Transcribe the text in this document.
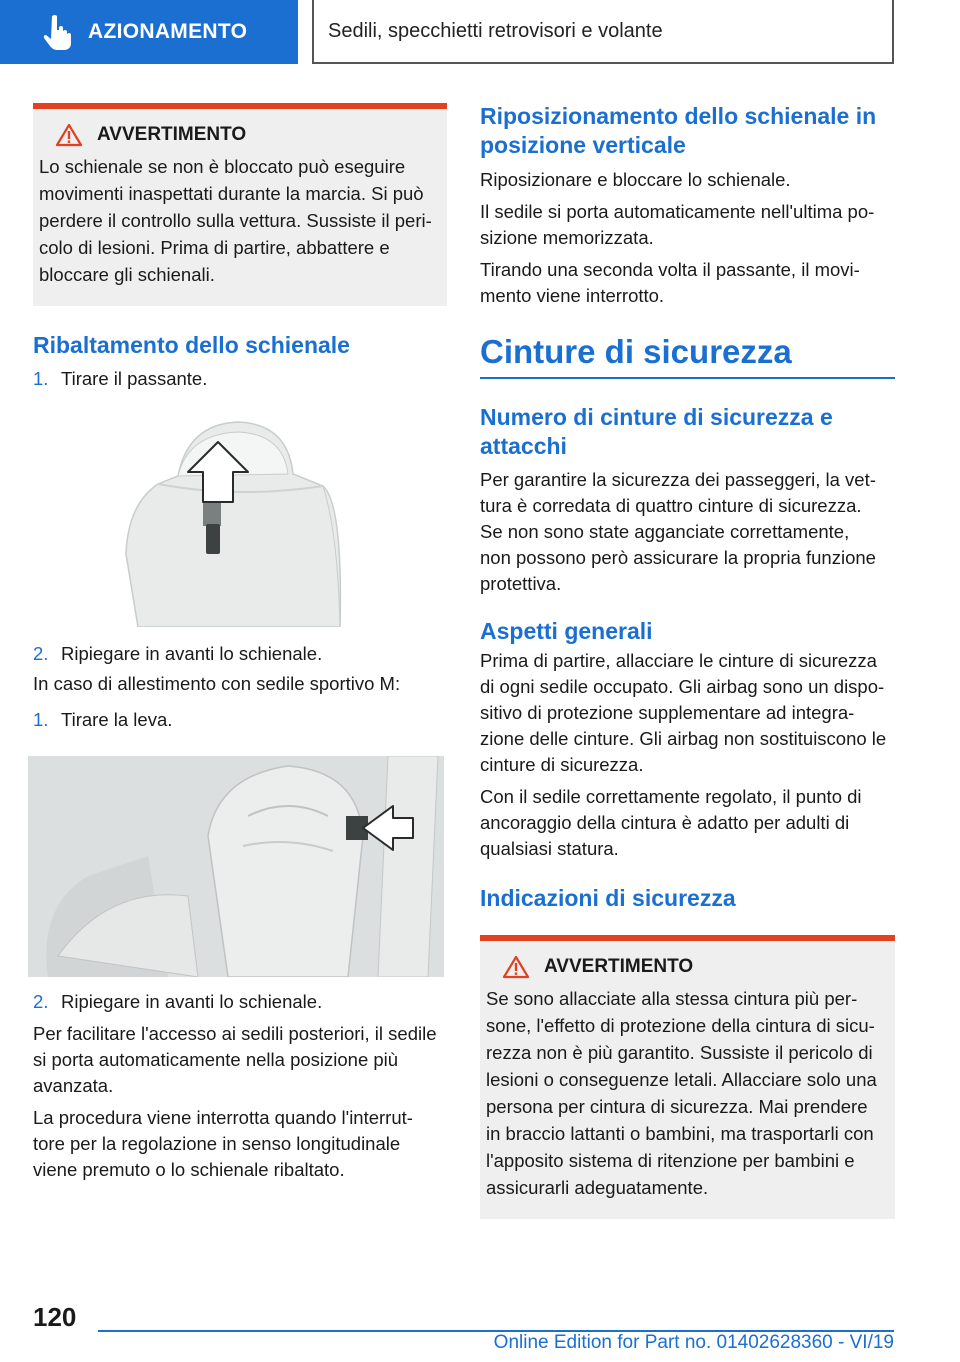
AZIONAMENTO	Sedili, specchietti retrovisori e volante
AVVERTIMENTO

Lo schienale se non è bloccato può eseguire
movimenti inaspettati durante la marcia. Si può
perdere il controllo sulla vettura. Sussiste il peri-
colo di lesioni. Prima di partire, abbattere e
bloccare gli schienali.

Ribaltamento dello schienale
1. Tirare il passante.
2. Ripiegare in avanti lo schienale.

In caso di allestimento con sedile sportivo M:

1. Tirare la leva.
2. Ripiegare in avanti lo schienale.

Per facilitare l'accesso ai sedili posteriori, il sedile
si porta automaticamente nella posizione più
avanzata.

La procedura viene interrotta quando l'interrut-
tore per la regolazione in senso longitudinale
viene premuto o lo schienale ribaltato.

Riposizionamento dello schienale in
posizione verticale

Riposizionare e bloccare lo schienale.

Il sedile si porta automaticamente nell'ultima po-
sizione memorizzata.

Tirando una seconda volta il passante, il movi-
mento viene interrotto.

Cinture di sicurezza
Numero di cinture di sicurezza e
attacchi

Per garantire la sicurezza dei passeggeri, la vet-
tura è corredata di quattro cinture di sicurezza.
Se non sono state agganciate correttamente,
non possono però assicurare la propria funzione
protettiva.

Aspetti generali

Prima di partire, allacciare le cinture di sicurezza
di ogni sedile occupato. Gli airbag sono un dispo-
sitivo di protezione supplementare ad integra-
zione delle cinture. Gli airbag non sostituiscono le
cinture di sicurezza.

Con il sedile correttamente regolato, il punto di
ancoraggio della cintura è adatto per adulti di
qualsiasi statura.

Indicazioni di sicurezza
AVVERTIMENTO

Se sono allacciate alla stessa cintura più per-
sone, l'effetto di protezione della cintura di sicu-
rezza non è più garantito. Sussiste il pericolo di
lesioni o conseguenze letali. Allacciare solo una
persona per cintura di sicurezza. Mai prendere
in braccio lattanti o bambini, ma trasportarli con
l'apposito sistema di ritenzione per bambini e
assicurarli adeguatamente.

120
Online Edition for Part no. 01402628360 - VI/19
